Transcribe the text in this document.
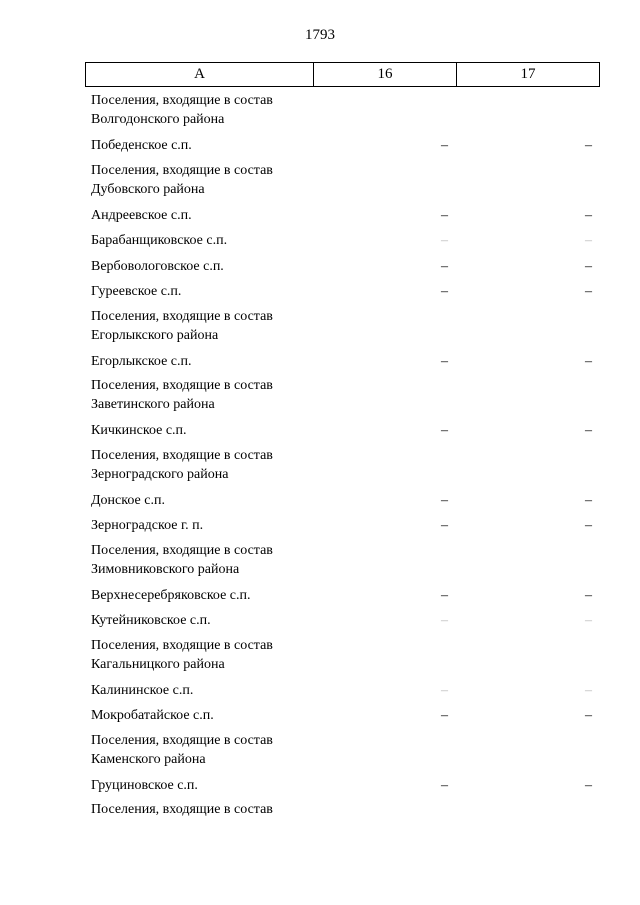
1793
А	16	17
Поселения, входящие в состав
Волгодонского района
Победенское с.п.	–	–
Поселения, входящие в состав
Дубовского района
Андреевское с.п.	–	–
Барабанщиковское с.п.	–	–
Вербовологовское с.п.	–	–
Гуреевское с.п.	–	–
Поселения, входящие в состав
Егорлыкского района
Егорлыкское с.п.	–	–
Поселения, входящие в состав
Заветинского района
Кичкинское с.п.	–	–
Поселения, входящие в состав
Зерноградского района
Донское с.п.	–	–
Зерноградское г. п.	–	–
Поселения, входящие в состав
Зимовниковского района
Верхнесеребряковское с.п.	–	–
Кутейниковское с.п.	–	–
Поселения, входящие в состав
Кагальницкого района
Калининское с.п.	–	–
Мокробатайское с.п.	–	–
Поселения, входящие в состав
Каменского района
Груциновское с.п.	–	–
Поселения, входящие в состав
